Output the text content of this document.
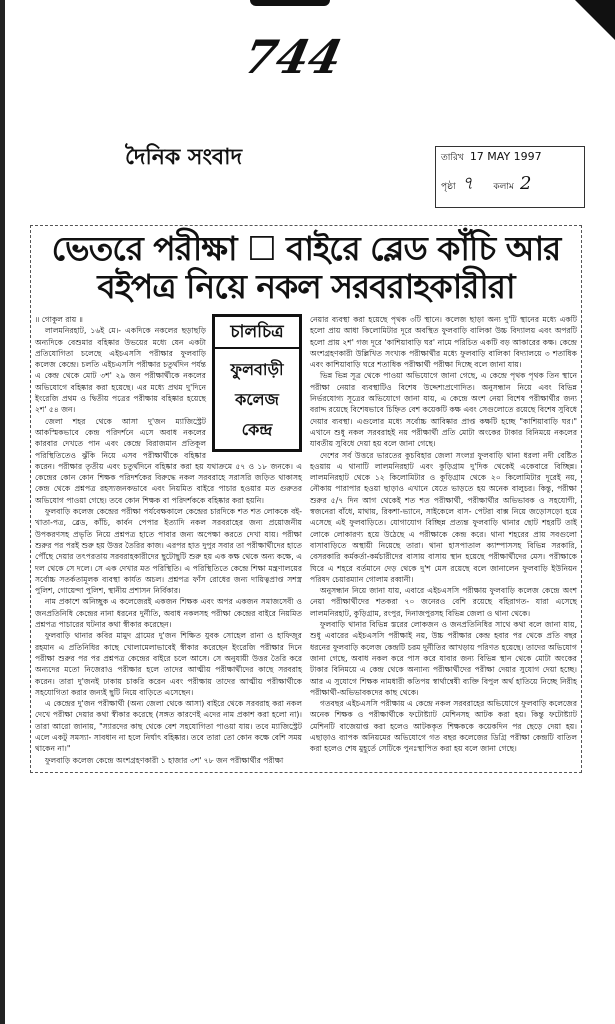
744
দৈনিক সংবাদ	তারিখ 17 MAY 1997
পৃষ্ঠা ৭ কলাম 2
ভেতরে পরীক্ষা ☐ বাইরে ব্লেড কাঁচি আর
বইপত্র নিয়ে নকল সরবরাহকারীরা
চালচিত্র
ফুলবাড়ী
কলেজ
কেন্দ্র

॥ গোকুল রায় ॥

লালমনিরহাট, ১৬ই মে।- একদিকে নকলের ছড়াছড়ি অন্যদিকে বেশুমার বহিষ্কার উভয়ের মধ্যে যেন একটা প্রতিযোগিতা চলেছে এইচএসসি পরীক্ষার ফুলবাড়ি কলেজ কেন্দ্রে। চলতি এইচএসসি পরীক্ষার চতুর্থদিন পর্যন্ত এ কেন্দ্র থেকে মোট ৩শ' ২৯ জন পরীক্ষার্থীকে নকলের অভিযোগে বহিষ্কার করা হয়েছে। এর মধ্যে প্রথম দু'দিনে ইংরেজি প্রথম ও দ্বিতীয় পত্রের পরীক্ষায় বহিষ্কার হয়েছে ২শ' ৫৪ জন।

জেলা শহর থেকে আসা দু'জন ম্যাজিস্ট্রেট আকস্মিকভাবে কেন্দ্র পরিদর্শনে এসে অবাধ নকলের কারবার দেখতে পান এবং কেন্দ্রে বিরাজমান প্রতিকূল পরিস্থিতিতেও ঝুঁকি নিয়ে এসব পরীক্ষার্থীকে বহিষ্কার করেন। পরীক্ষার তৃতীয় এবং চতুর্থদিনে বহিষ্কার করা হয় যথাক্রমে ৫৭ ও ১৮ জনকে। এ কেন্দ্রের কোন কোন শিক্ষক পরিদর্শকের বিরুদ্ধে নকল সরবরাহে সরাসরি জড়িত থাকাসহ কেন্দ্র থেকে প্রশ্নপত্র রহস্যজনকভাবে এবং নিয়মিত বাইরে পাচার হওয়ার মত গুরুতর অভিযোগ পাওয়া গেছে। তবে কোন শিক্ষক বা পরিদর্শককে বহিষ্কার করা হয়নি।

ফুলবাড়ি কলেজ কেন্দ্রের পরীক্ষা পর্যবেক্ষকালে কেন্দ্রের চারদিকে শত শত লোককে বই-খাতা-পত্র, ব্লেড, কাঁচি, কার্বন পেপার ইত্যাদি নকল সরবরাহের জন্য প্রয়োজনীয় উপকরণসহ প্রভৃতি নিয়ে প্রশ্নপত্র হাতে পাবার জন্য অপেক্ষা করতে দেখা যায়। পরীক্ষা শুরুর পর পরই শুরু হয় উত্তর তৈরির কাজ। এরপর হাত দুপুর সবার তা পরীক্ষার্থীদের হাতে পৌঁছে দেয়ার তৎপরতায় সরবরাহকারীদের ছুটোছুটি শুরু হয় এক কক্ষ থেকে অন্য কক্ষে, এ দল থেকে সে দলে। সে এক দেখার মত পরিস্থিতি। এ পরিস্থিতিতে কেন্দ্রে শিক্ষা মন্ত্রণালয়ের সর্বোচ্চ সতর্কতামূলক ব্যবস্থা কার্যত অচল। প্রশ্নপত্র ফাঁস রোধের জন্য দায়িত্বপ্রাপ্ত সশস্ত্র পুলিশ, গোয়েন্দা পুলিশ, স্থানীয় প্রশাসন নির্বিকার।

নাম প্রকাশে অনিচ্ছুক এ কলেজেরই একজন শিক্ষক এবং অপর একজন সমাজসেবী ও জনপ্রতিনিধি কেন্দ্রের নানা ধরনের দুর্নীতি, অবাধ নকলসহ পরীক্ষা কেন্দ্রের বাইরে নিয়মিত প্রশ্নপত্র পাচারের ঘটনার কথা স্বীকার করেছেন।

ফুলবাড়ি থানার কবির মামুদ গ্রামের দু'জন শিক্ষিত যুবক সোহেল রানা ও হাফিজুর রহমান এ প্রতিনিধির কাছে খোলামেলাভাবেই স্বীকার করেছেন ইংরেজি পরীক্ষার দিনে পরীক্ষা শুরুর পর পর প্রশ্নপত্র কেন্দ্রের বাইরে চলে আসে। সে অনুযায়ী উত্তর তৈরি করে অন্যদের মতো নিজেরাও পরীক্ষার হলে তাদের আত্মীয় পরীক্ষার্থীদের কাছে সরবরাহ করেন। তারা দু'জনই ঢাকায় চাকরি করেন এবং পরীক্ষায় তাদের আত্মীয় পরীক্ষার্থীকে সহযোগিতা করার জন্যই ছুটি নিয়ে বাড়িতে এসেছেন।

এ কেন্দ্রের দু'জন পরীক্ষার্থী (অন্য জেলা থেকে আসা) বাইরে থেকে সরবরাহ করা নকল দেখে পরীক্ষা দেয়ার কথা স্বীকার করেছে (সঙ্গত কারণেই এদের নাম প্রকাশ করা হলো না)। তারা আরো জানায়, "স্যারদের কাছ থেকে বেশ সহযোগিতা পাওয়া যায়। তবে ম্যাজিস্ট্রেট এলে একটু সমস্যা- সাবধান না হলে নির্ঘাৎ বহিষ্কার। তবে তারা তো কোন কক্ষে বেশি সময় থাকেন না।"

ফুলবাড়ি কলেজ কেন্দ্রে অংশগ্রহণকারী ১ হাজার ৩শ' ৭৮ জন পরীক্ষার্থীর পরীক্ষা

নেয়ার ব্যবস্থা করা হয়েছে পৃথক ৩টি স্থানে। কলেজ ছাড়া অন্য দু'টি স্থানের মধ্যে একটি হলো প্রায় আধা কিলোমিটার দূরে অবস্থিত ফুলবাড়ি বালিকা উচ্চ বিদ্যালয় এবং অপরটি হলো প্রায় ২শ' গজ দূরে 'কাশিয়াবাড়ি ঘর' নামে পরিচিত একটি বড় আকারের কক্ষ। কেন্দ্রে অংশগ্রহণকারী উল্লিখিত সংখ্যক পরীক্ষার্থীর মধ্যে ফুলবাড়ি বালিকা বিদ্যালয়ে ৩ শতাধিক এবং কাশিয়াবাড়ি ঘরে শতাধিক পরীক্ষার্থী পরীক্ষা দিচ্ছে বলে জানা যায়।

ভিন্ন ভিন্ন সূত্র থেকে পাওয়া অভিযোগে জানা গেছে, এ কেন্দ্রে পৃথক পৃথক তিন স্থানে পরীক্ষা নেয়ার ব্যবস্থাটিও বিশেষ উদ্দেশ্যপ্রণোদিত। অনুসন্ধান নিয়ে এবং বিভিন্ন নির্ভরযোগ্য সূত্রের অভিযোগে জানা যায়, এ কেন্দ্রে অংশ নেয়া বিশেষ পরীক্ষার্থীর জন্য বরাদ্দ রয়েছে বিশেষভাবে চিহ্নিত বেশ কয়েকটি কক্ষ এবং সেগুলোতে রয়েছে বিশেষ সুবিধে দেয়ার ব্যবস্থা। এগুলোর মধ্যে সর্বোচ্চ আবিষ্কার প্রাপ্ত কক্ষটি হচ্ছে "কাশিয়াবাড়ি ঘর।" এখানে শুধু নকল সরবরাহই নয় পরীক্ষার্থী প্রতি মোটা অংকের টাকার বিনিময়ে নকলের যাবতীয় সুবিধে দেয়া হয় বলে জানা গেছে।

দেশের সর্ব উত্তরে ভারতের কুচবিহার জেলা সংলগ্ন ফুলবাড়ি থানা ধরলা নদী বেষ্টিত হওয়ায় এ থানাটি লালমনিরহাট এবং কুড়িগ্রাম দু'দিক থেকেই একেবারে বিচ্ছিন্ন। লালমনিরহাট থেকে ১২ কিলোমিটার ও কুড়িগ্রাম থেকে ২০ কিলোমিটার দূরেই নয়, নৌকায় পারাপার হওয়া ছাড়াও এখানে যেতে ভাড়তে হয় অনেক বালুচর। কিন্তু, পরীক্ষা শুরুর ৫/৭ দিন আগ থেকেই শত শত পরীক্ষার্থী, পরীক্ষার্থীর অভিভাবক ও সহযোগী, স্বজনেরা বাঁধে, মাথায়, রিকশা-ভ্যানে, সাইকেলে বাস- পেটরা বাক্স নিয়ে জড়োসড়ো হয়ে এসেছে এই ফুলবাড়িতে। যোগাযোগ বিচ্ছিন্ন প্রত্যন্ত ফুলবাড়ি থানার ছোট শহরটি তাই লোকে লোকারণ্য হয়ে উঠেছে এ পরীক্ষাকে কেন্দ্র করে। থানা শহরের প্রায় সবগুলো বাসাবাড়িতে অস্থায়ী নিয়েছে তারা। থানা হাসপাতাল ক্যাম্পাসসহ বিভিন্ন সরকারি, বেসরকারি কর্মকর্তা-কর্মচারীদের বাসায় বাসায় স্থান হয়েছে পরীক্ষার্থীদের মেস। পরীক্ষাকে ঘিরে এ শহরে বর্তমানে দেড় থেকে দু'শ মেস রয়েছে বলে জানালেন ফুলবাড়ি ইউনিয়ন পরিষদ চেয়ারম্যান গোলাম রব্বানী।

অনুসন্ধান নিয়ে জানা যায়, এবারে এইচএসসি পরীক্ষায় ফুলবাড়ি কলেজ কেন্দ্রে অংশ নেয়া পরীক্ষার্থীদের শতকরা ৭০ জনেরও বেশি রয়েছে বহিরাগত- যারা এসেছে লালমনিরহাট, কুড়িগ্রাম, রংপুর, দিনাজপুরসহ বিভিন্ন জেলা ও থানা থেকে।

ফুলবাড়ি থানার বিভিন্ন স্তরের লোকজন ও জনপ্রতিনিধির সাথে কথা বলে জানা যায়, শুধু এবারের এইচএসসি পরীক্ষাই নয়, উচ্চ পরীক্ষার কেন্দ্র হবার পর থেকে প্রতি বছর ধরনের ফুলবাড়ি কলেজ কেন্দ্রটি চরম দুর্নীতির আখড়ায় পরিণত হয়েছে। তাদের অভিযোগ জানা গেছে, অবাধ নকল করে পাস করে যাবার জন্য বিভিন্ন স্থান থেকে মোটা অংকের টাকার বিনিময়ে এ কেন্দ্র থেকে অন্যান্য পরীক্ষার্থীদের পরীক্ষা দেয়ার সুযোগ দেয়া হচ্ছে। আর এ সুযোগে শিক্ষক নামধারী কতিপয় স্বার্থান্বেষী ব্যক্তি বিপুল অর্থ হাতিয়ে নিচ্ছে নিরীহ পরীক্ষার্থী-অভিভাবকদের কাছ থেকে।

গতবছর এইচএসসি পরীক্ষায় এ কেন্দ্রে নকল সরবরাহের অভিযোগে ফুলবাড়ি কলেজের অনেক শিক্ষক ও পরীক্ষার্থীকে ফটোষ্ট্যাট মেশিনসহ আটক করা হয়। কিন্তু ফটোষ্ট্যাট মেশিনটি বাজেয়াপ্ত করা হলেও আটককৃত শিক্ষককে কয়েকদিন পর ছেড়ে দেয়া হয়। এছাড়াও ব্যাপক অনিয়মের অভিযোগে গত বছর কলেজের ডিগ্রি পরীক্ষা কেন্দ্রটি বাতিল করা হলেও শেষ মুহূর্তে সেটিকে পুনঃস্থাপিত করা হয় বলে জানা গেছে।
